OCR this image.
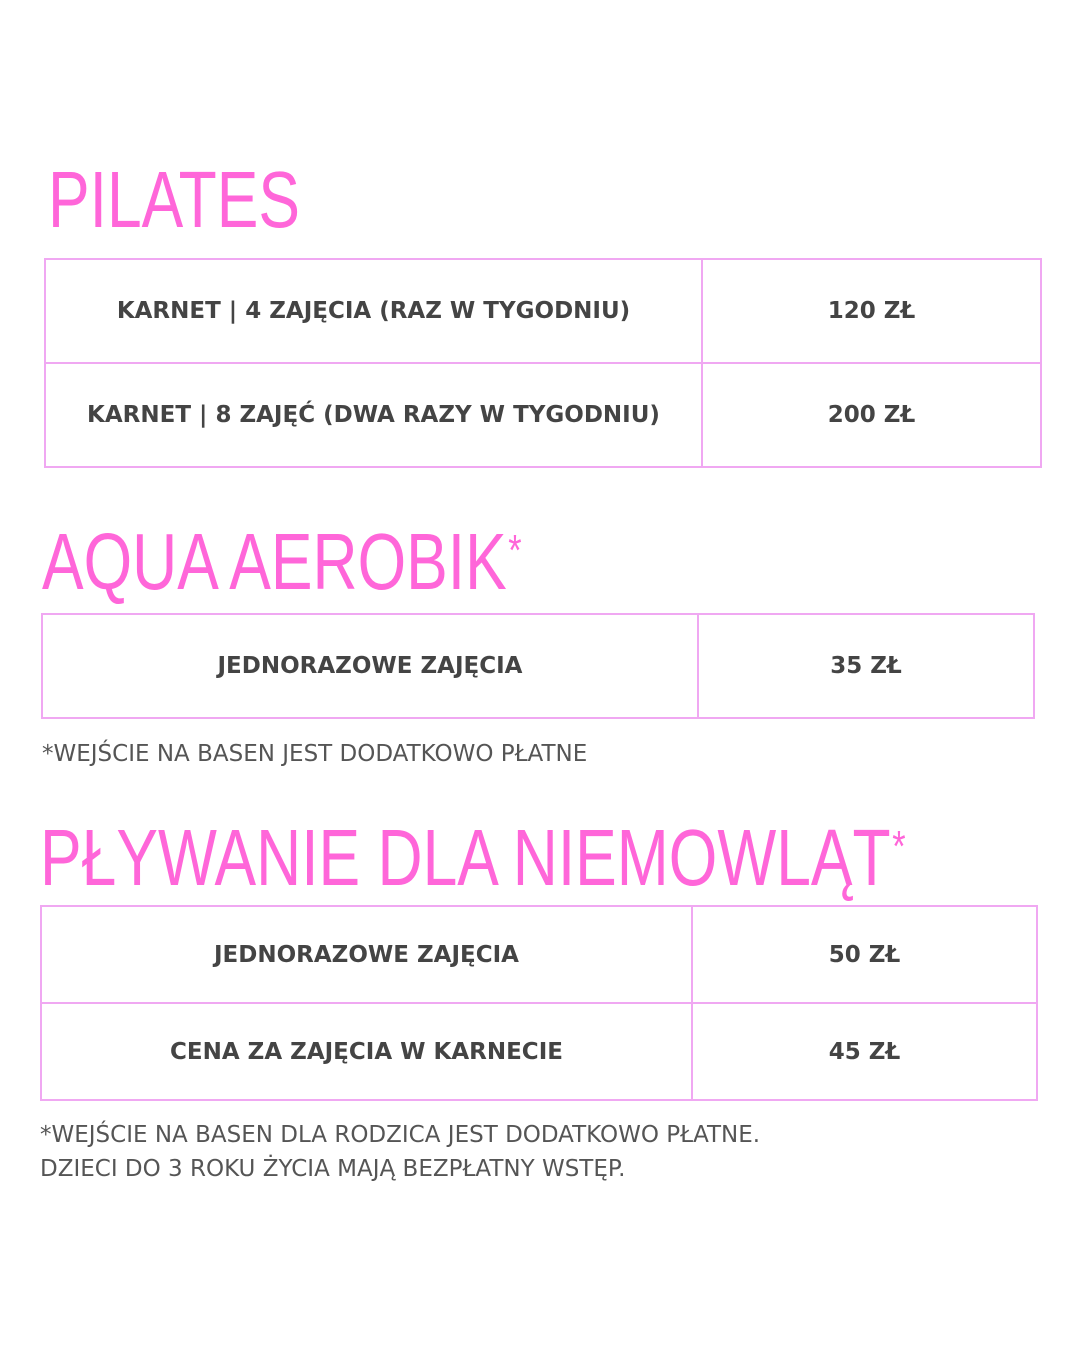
PILATES
KARNET | 4 ZAJĘCIA (RAZ W TYGODNIU)	120 ZŁ
KARNET | 8 ZAJĘĆ (DWA RAZY W TYGODNIU)	200 ZŁ
AQUA AEROBIK*
JEDNORAZOWE ZAJĘCIA	35 ZŁ

*WEJŚCIE NA BASEN JEST DODATKOWO PŁATNE

PŁYWANIE DLA NIEMOWLĄT*
JEDNORAZOWE ZAJĘCIA	50 ZŁ
CENA ZA ZAJĘCIA W KARNECIE	45 ZŁ
*WEJŚCIE NA BASEN DLA RODZICA JEST DODATKOWO PŁATNE.
DZIECI DO 3 ROKU ŻYCIA MAJĄ BEZPŁATNY WSTĘP.
